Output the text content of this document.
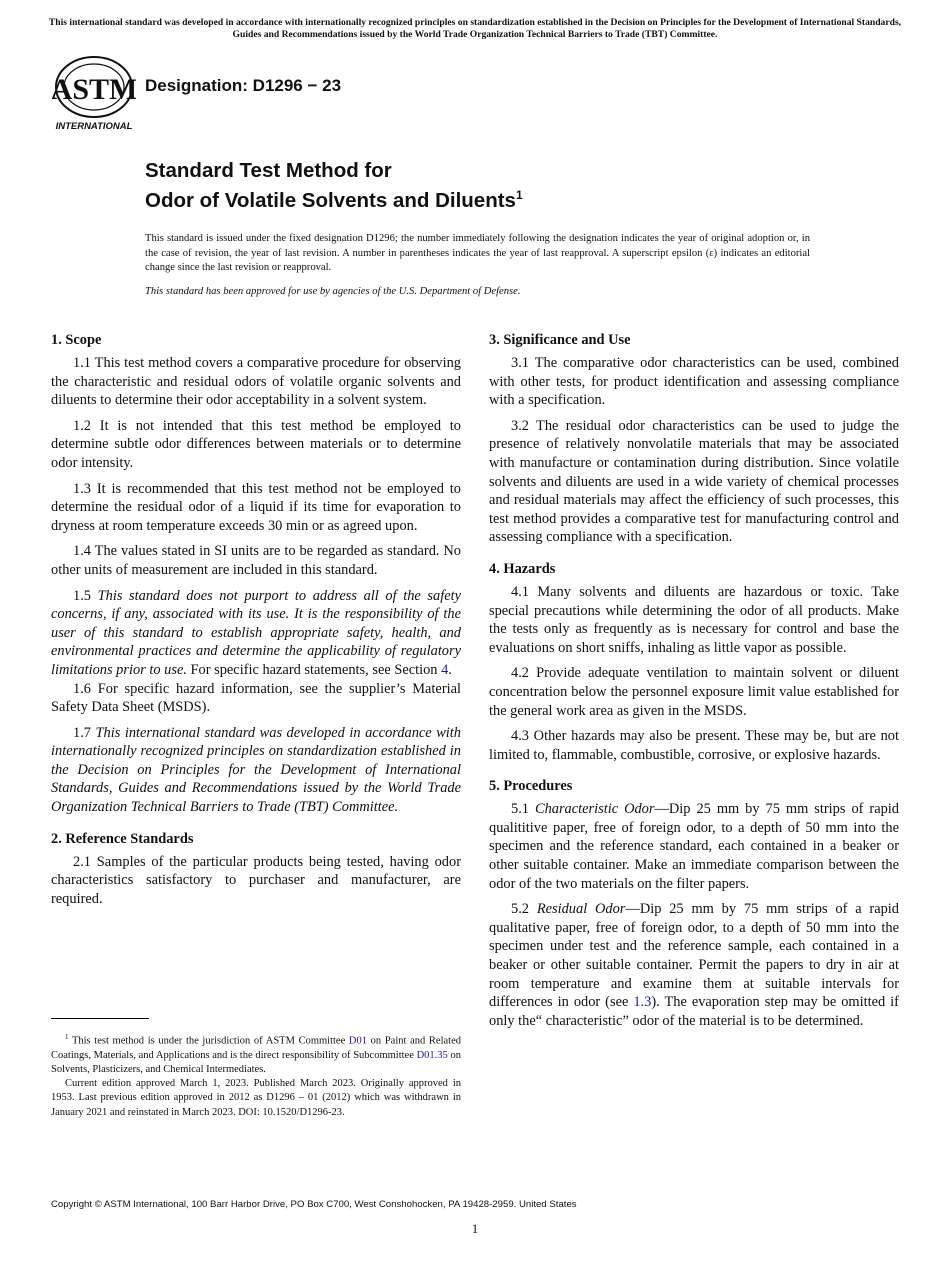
This international standard was developed in accordance with internationally recognized principles on standardization established in the Decision on Principles for the Development of International Standards, Guides and Recommendations issued by the World Trade Organization Technical Barriers to Trade (TBT) Committee.
ASTM
INTERNATIONAL
Designation: D1296 − 23
Standard Test Method for
Odor of Volatile Solvents and Diluents$^1$
This standard is issued under the fixed designation D1296; the number immediately following the designation indicates the year of original adoption or, in the case of revision, the year of last revision. A number in parentheses indicates the year of last reapproval. A superscript epsilon (ε) indicates an editorial change since the last revision or reapproval.
This standard has been approved for use by agencies of the U.S. Department of Defense.
1. Scope

1.1 This test method covers a comparative procedure for observing the characteristic and residual odors of volatile organic solvents and diluents to determine their odor acceptability in a solvent system.

1.2 It is not intended that this test method be employed to determine subtle odor differences between materials or to determine odor intensity.

1.3 It is recommended that this test method not be employed to determine the residual odor of a liquid if its time for evaporation to dryness at room temperature exceeds 30 min or as agreed upon.

1.4 The values stated in SI units are to be regarded as standard. No other units of measurement are included in this standard.

1.5 This standard does not purport to address all of the safety concerns, if any, associated with its use. It is the responsibility of the user of this standard to establish appropriate safety, health, and environmental practices and determine the applicability of regulatory limitations prior to use. For specific hazard statements, see Section 4.

1.6 For specific hazard information, see the supplier’s Material Safety Data Sheet (MSDS).

1.7 This international standard was developed in accordance with internationally recognized principles on standardization established in the Decision on Principles for the Development of International Standards, Guides and Recommendations issued by the World Trade Organization Technical Barriers to Trade (TBT) Committee.

2. Reference Standards

2.1 Samples of the particular products being tested, having odor characteristics satisfactory to purchaser and manufacturer, are required.

3. Significance and Use

3.1 The comparative odor characteristics can be used, combined with other tests, for product identification and assessing compliance with a specification.

3.2 The residual odor characteristics can be used to judge the presence of relatively nonvolatile materials that may be associated with manufacture or contamination during distribution. Since volatile solvents and diluents are used in a wide variety of chemical processes and residual materials may affect the efficiency of such processes, this test method provides a comparative test for manufacturing control and assessing compliance with a specification.

4. Hazards

4.1 Many solvents and diluents are hazardous or toxic. Take special precautions while determining the odor of all products. Make the tests only as frequently as is necessary for control and base the evaluations on short sniffs, inhaling as little vapor as possible.

4.2 Provide adequate ventilation to maintain solvent or diluent concentration below the personnel exposure limit value established for the general work area as given in the MSDS.

4.3 Other hazards may also be present. These may be, but are not limited to, flammable, combustible, corrosive, or explosive hazards.

5. Procedures

5.1 Characteristic Odor—Dip 25 mm by 75 mm strips of rapid qualititive paper, free of foreign odor, to a depth of 50 mm into the specimen and the reference standard, each contained in a beaker or other suitable container. Make an immediate comparison between the odor of the two materials on the filter papers.

5.2 Residual Odor—Dip 25 mm by 75 mm strips of a rapid qualitative paper, free of foreign odor, to a depth of 50 mm into the specimen under test and the reference sample, each contained in a beaker or other suitable container. Permit the papers to dry in air at room temperature and examine them at suitable intervals for differences in odor (see 1.3). The evaporation step may be omitted if only the“ characteristic” odor of the material is to be determined.

$^1$ This test method is under the jurisdiction of ASTM Committee D01 on Paint and Related Coatings, Materials, and Applications and is the direct responsibility of Subcommittee D01.35 on Solvents, Plasticizers, and Chemical Intermediates.

Current edition approved March 1, 2023. Published March 2023. Originally approved in 1953. Last previous edition approved in 2012 as D1296 – 01 (2012) which was withdrawn in January 2021 and reinstated in March 2023. DOI: 10.1520/D1296-23.

Copyright © ASTM International, 100 Barr Harbor Drive, PO Box C700, West Conshohocken, PA 19428-2959. United States
1
